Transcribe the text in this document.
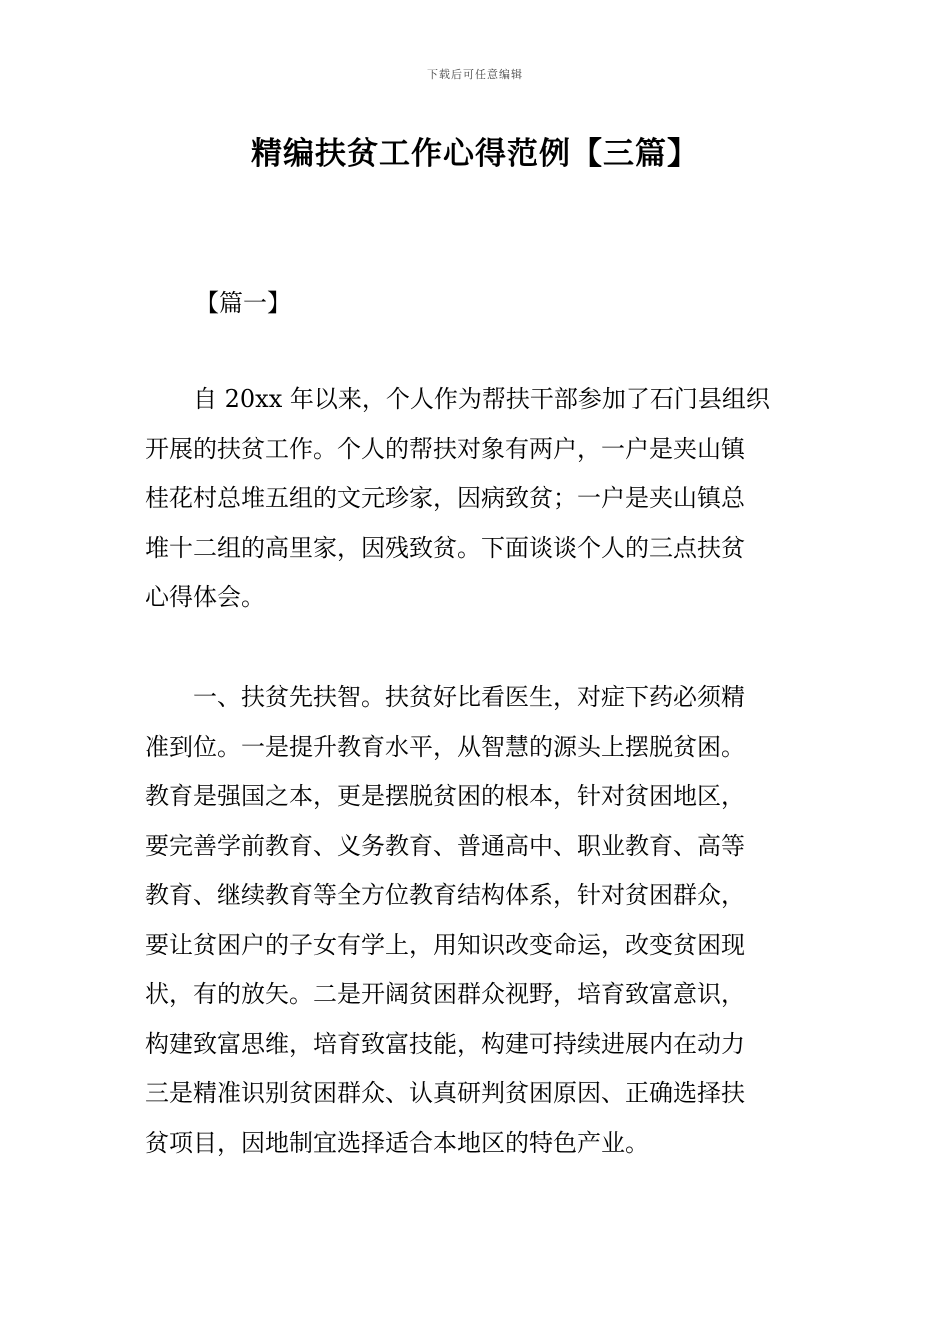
下载后可任意编辑
精编扶贫工作心得范例【三篇】
【篇一】
自 20xx 年以来，个人作为帮扶干部参加了石门县组织
开展的扶贫工作。个人的帮扶对象有两户，一户是夹山镇
桂花村总堆五组的文元珍家，因病致贫；一户是夹山镇总
堆十二组的高里家，因残致贫。下面谈谈个人的三点扶贫
心得体会。
一、扶贫先扶智。扶贫好比看医生，对症下药必须精
准到位。一是提升教育水平，从智慧的源头上摆脱贫困。
教育是强国之本，更是摆脱贫困的根本，针对贫困地区，
要完善学前教育、义务教育、普通高中、职业教育、高等
教育、继续教育等全方位教育结构体系，针对贫困群众，
要让贫困户的子女有学上，用知识改变命运，改变贫困现
状，有的放矢。二是开阔贫困群众视野，培育致富意识，
构建致富思维，培育致富技能，构建可持续进展内在动力
三是精准识别贫困群众、认真研判贫困原因、正确选择扶
贫项目，因地制宜选择适合本地区的特色产业。
